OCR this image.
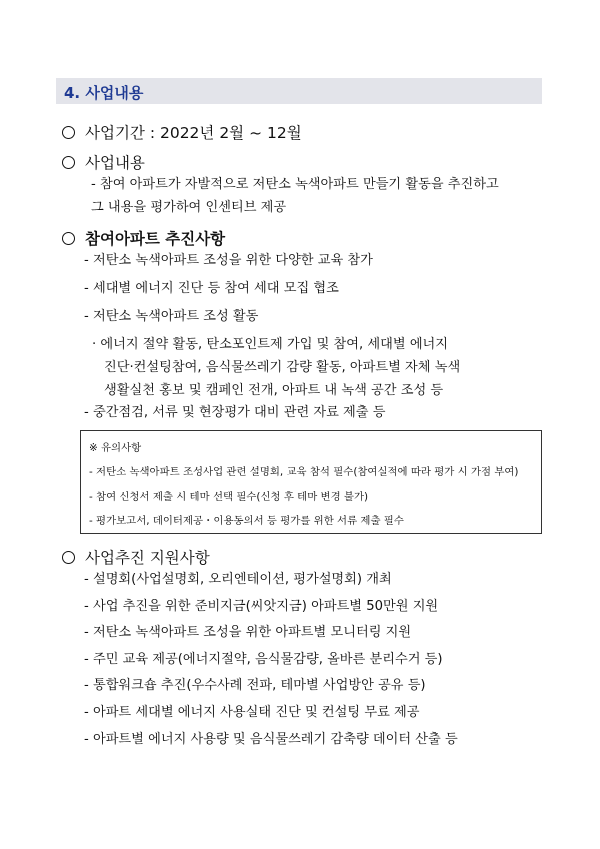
4. 사업내용
사업기간 : 2022년 2월 ~ 12월
사업내용
- 참여 아파트가 자발적으로 저탄소 녹색아파트 만들기 활동을 추진하고
그 내용을 평가하여 인센티브 제공
참여아파트 추진사항
- 저탄소 녹색아파트 조성을 위한 다양한 교육 참가
- 세대별 에너지 진단 등 참여 세대 모집 협조
- 저탄소 녹색아파트 조성 활동
· 에너지 절약 활동, 탄소포인트제 가입 및 참여, 세대별 에너지
진단·컨설팅참여, 음식물쓰레기 감량 활동, 아파트별 자체 녹색
생활실천 홍보 및 캠페인 전개, 아파트 내 녹색 공간 조성 등
- 중간점검, 서류 및 현장평가 대비 관련 자료 제출 등
※ 유의사항
- 저탄소 녹색아파트 조성사업 관련 설명회, 교육 참석 필수(참여실적에 따라 평가 시 가점 부여)
- 참여 신청서 제출 시 테마 선택 필수(신청 후 테마 변경 불가)
- 평가보고서, 데이터제공・이용동의서 등 평가를 위한 서류 제출 필수
사업추진 지원사항
- 설명회(사업설명회, 오리엔테이션, 평가설명회) 개최
- 사업 추진을 위한 준비지금(씨앗지금) 아파트별 50만원 지원
- 저탄소 녹색아파트 조성을 위한 아파트별 모니터링 지원
- 주민 교육 제공(에너지절약, 음식물감량, 올바른 분리수거 등)
- 통합워크숍 추진(우수사례 전파, 테마별 사업방안 공유 등)
- 아파트 세대별 에너지 사용실태 진단 및 컨설팅 무료 제공
- 아파트별 에너지 사용량 및 음식물쓰레기 감축량 데이터 산출 등
